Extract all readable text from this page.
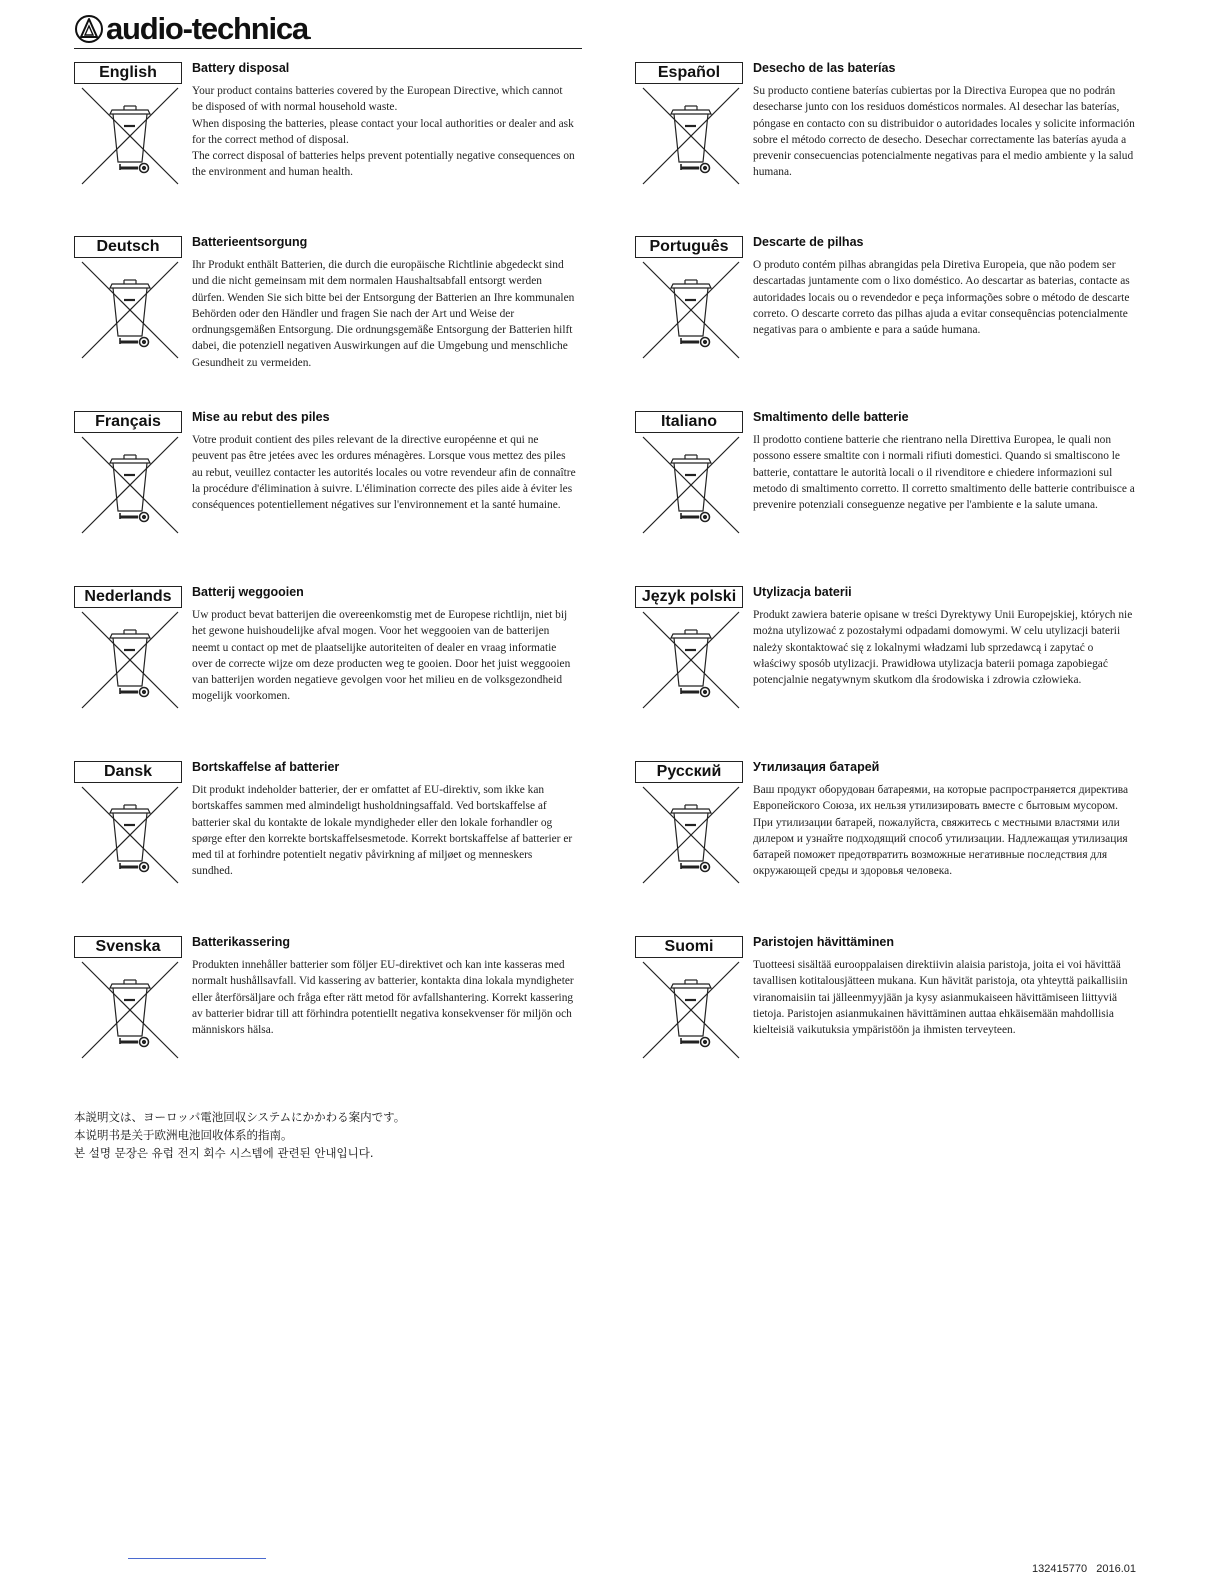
audio-technica.
English	Battery disposal

Your product contains batteries covered by the European Directive, which cannot be disposed of with normal household waste.
When disposing the batteries, please contact your local authorities or dealer and ask for the correct method of disposal.
The correct disposal of batteries helps prevent potentially negative consequences on the environment and human health.

Deutsch	Batterieentsorgung

Ihr Produkt enthält Batterien, die durch die europäische Richtlinie abgedeckt sind und die nicht gemeinsam mit dem normalen Haushaltsabfall entsorgt werden dürfen. Wenden Sie sich bitte bei der Entsorgung der Batterien an Ihre kommunalen Behörden oder den Händler und fragen Sie nach der Art und Weise der ordnungsgemäßen Entsorgung. Die ordnungsgemäße Entsorgung der Batterien hilft dabei, die potenziell negativen Auswirkungen auf die Umgebung und menschliche Gesundheit zu vermeiden.

Français	Mise au rebut des piles

Votre produit contient des piles relevant de la directive européenne et qui ne peuvent pas être jetées avec les ordures ménagères. Lorsque vous mettez des piles au rebut, veuillez contacter les autorités locales ou votre revendeur afin de connaître la procédure d'élimination à suivre. L'élimination correcte des piles aide à éviter les conséquences potentiellement négatives sur l'environnement et la santé humaine.

Nederlands	Batterij weggooien

Uw product bevat batterijen die overeenkomstig met de Europese richtlijn, niet bij het gewone huishoudelijke afval mogen. Voor het weggooien van de batterijen neemt u contact op met de plaatselijke autoriteiten of dealer en vraag informatie over de correcte wijze om deze producten weg te gooien. Door het juist weggooien van batterijen worden negatieve gevolgen voor het milieu en de volksgezondheid mogelijk voorkomen.

Dansk	Bortskaffelse af batterier

Dit produkt indeholder batterier, der er omfattet af EU-direktiv, som ikke kan bortskaffes sammen med almindeligt husholdningsaffald. Ved bortskaffelse af batterier skal du kontakte de lokale myndigheder eller den lokale forhandler og spørge efter den korrekte bortskaffelsesmetode. Korrekt bortskaffelse af batterier er med til at forhindre potentielt negativ påvirkning af miljøet og menneskers sundhed.

Svenska	Batterikassering

Produkten innehåller batterier som följer EU-direktivet och kan inte kasseras med normalt hushållsavfall. Vid kassering av batterier, kontakta dina lokala myndigheter eller återförsäljare och fråga efter rätt metod för avfallshantering. Korrekt kassering av batterier bidrar till att förhindra potentiellt negativa konsekvenser för miljön och människors hälsa.

Español	Desecho de las baterías

Su producto contiene baterías cubiertas por la Directiva Europea que no podrán desecharse junto con los residuos domésticos normales. Al desechar las baterías, póngase en contacto con su distribuidor o autoridades locales y solicite información sobre el método correcto de desecho. Desechar correctamente las baterías ayuda a prevenir consecuencias potencialmente negativas para el medio ambiente y la salud humana.

Português	Descarte de pilhas

O produto contém pilhas abrangidas pela Diretiva Europeia, que não podem ser descartadas juntamente com o lixo doméstico. Ao descartar as baterias, contacte as autoridades locais ou o revendedor e peça informações sobre o método de descarte correto. O descarte correto das pilhas ajuda a evitar consequências potencialmente negativas para o ambiente e para a saúde humana.

Italiano	Smaltimento delle batterie

Il prodotto contiene batterie che rientrano nella Direttiva Europea, le quali non possono essere smaltite con i normali rifiuti domestici. Quando si smaltiscono le batterie, contattare le autorità locali o il rivenditore e chiedere informazioni sul metodo di smaltimento corretto. Il corretto smaltimento delle batterie contribuisce a prevenire potenziali conseguenze negative per l'ambiente e la salute umana.

Język polski	Utylizacja baterii

Produkt zawiera baterie opisane w treści Dyrektywy Unii Europejskiej, których nie można utylizować z pozostałymi odpadami domowymi. W celu utylizacji baterii należy skontaktować się z lokalnymi władzami lub sprzedawcą i zapytać o właściwy sposób utylizacji. Prawidłowa utylizacja baterii pomaga zapobiegać potencjalnie negatywnym skutkom dla środowiska i zdrowia człowieka.

Русский	Утилизация батарей

Ваш продукт оборудован батареями, на которые распространяется директива Европейского Союза, их нельзя утилизировать вместе с бытовым мусором. При утилизации батарей, пожалуйста, свяжитесь с местными властями или дилером и узнайте подходящий способ утилизации. Надлежащая утилизация батарей поможет предотвратить возможные негативные последствия для окружающей среды и здоровья человека.

Suomi	Paristojen hävittäminen

Tuotteesi sisältää eurooppalaisen direktiivin alaisia paristoja, joita ei voi hävittää tavallisen kotitalousjätteen mukana. Kun hävität paristoja, ota yhteyttä paikallisiin viranomaisiin tai jälleenmyyjään ja kysy asianmukaiseen hävittämiseen liittyviä tietoja. Paristojen asianmukainen hävittäminen auttaa ehkäisemään mahdollisia kielteisiä vaikutuksia ympäristöön ja ihmisten terveyteen.

本説明文は、ヨーロッパ電池回収システムにかかわる案内です。
本说明书是关于欧洲电池回收体系的指南。
본 설명 문장은 유럽 전지 회수 시스템에 관련된 안내입니다.
132415770 2016.01
